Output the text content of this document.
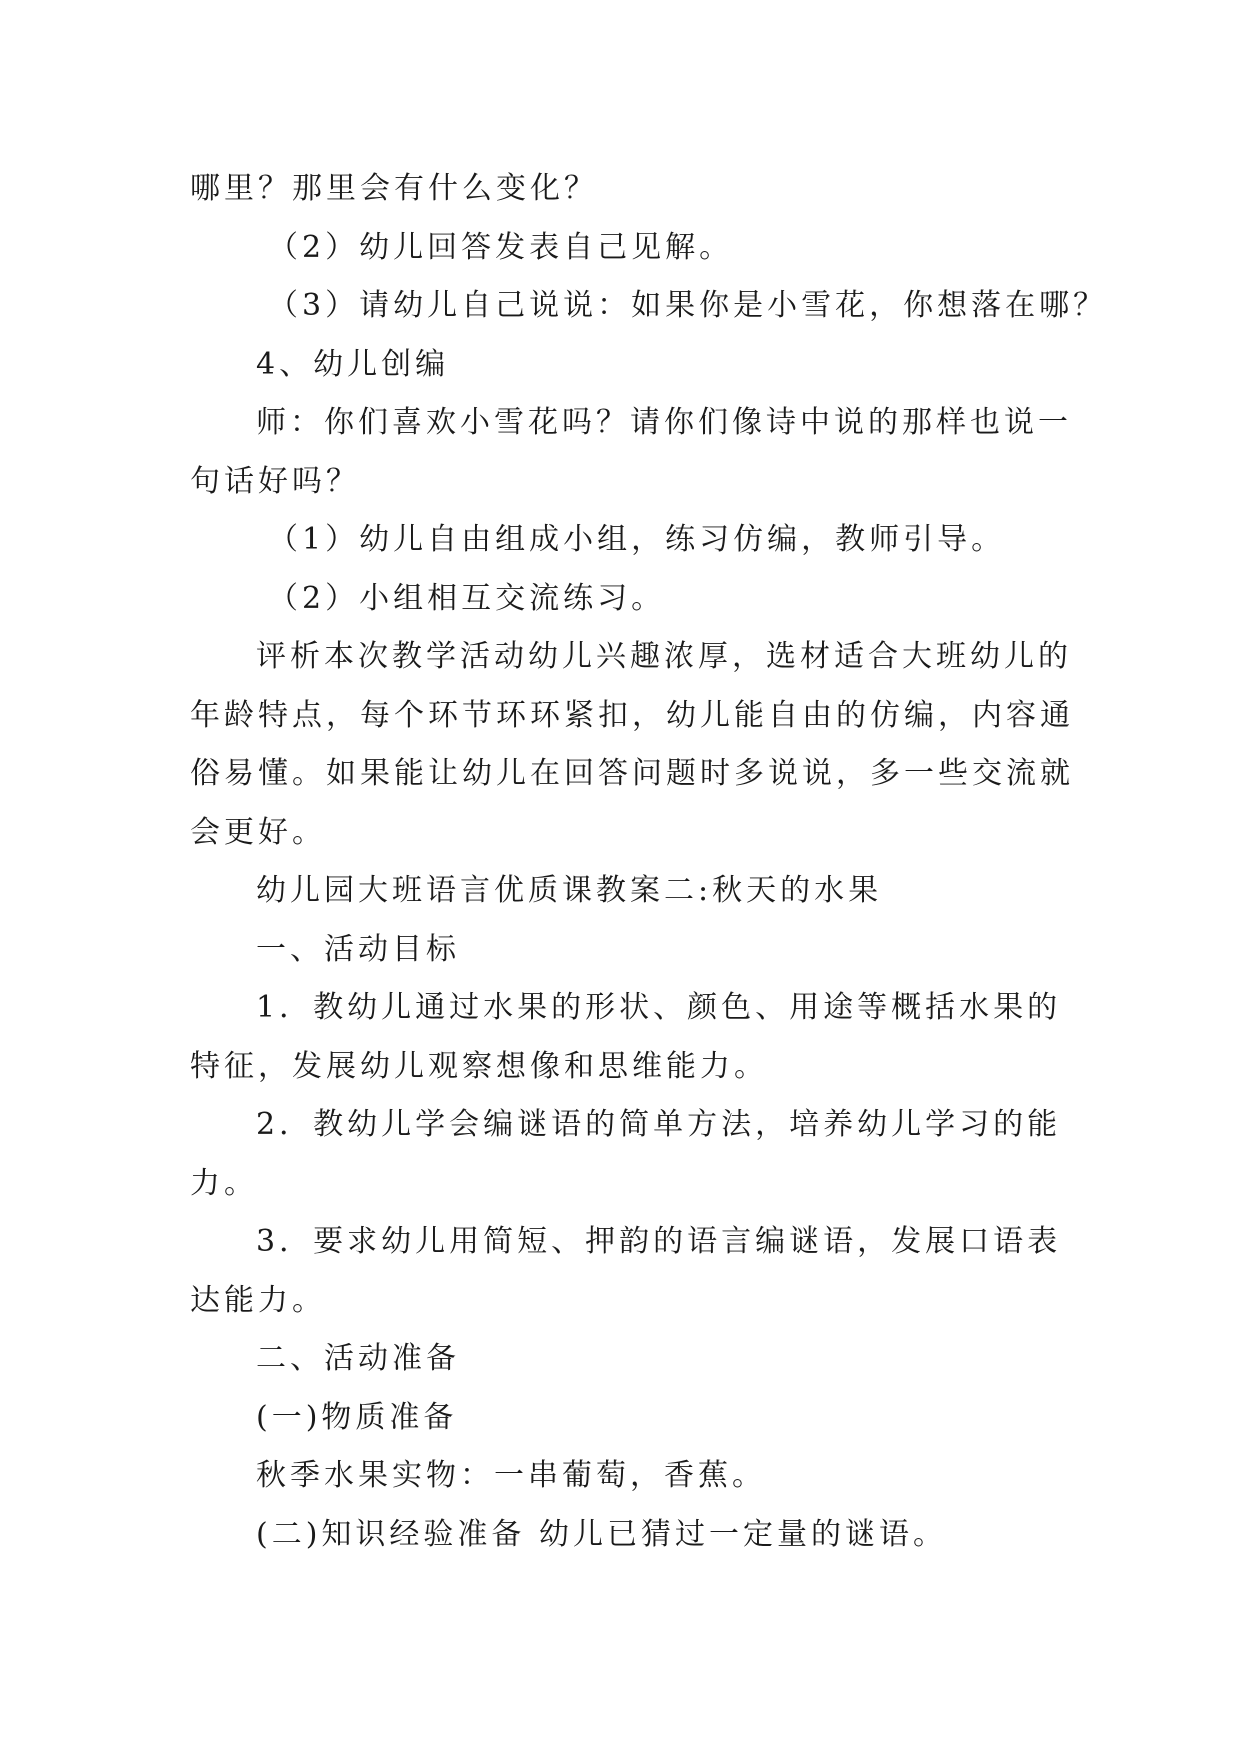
哪里？那里会有什么变化？
（2）幼儿回答发表自己见解。
（3）请幼儿自己说说：如果你是小雪花，你想落在哪？
4、幼儿创编
师：你们喜欢小雪花吗？请你们像诗中说的那样也说一
句话好吗？
（1）幼儿自由组成小组，练习仿编，教师引导。
（2）小组相互交流练习。
评析本次教学活动幼儿兴趣浓厚，选材适合大班幼儿的
年龄特点，每个环节环环紧扣，幼儿能自由的仿编，内容通
俗易懂。如果能让幼儿在回答问题时多说说，多一些交流就
会更好。
幼儿园大班语言优质课教案二:秋天的水果
一、活动目标
1．教幼儿通过水果的形状、颜色、用途等概括水果的
特征，发展幼儿观察想像和思维能力。
2．教幼儿学会编谜语的简单方法，培养幼儿学习的能
力。
3．要求幼儿用简短、押韵的语言编谜语，发展口语表
达能力。
二、活动准备
(一)物质准备
秋季水果实物：一串葡萄，香蕉。
(二)知识经验准备 幼儿已猜过一定量的谜语。
